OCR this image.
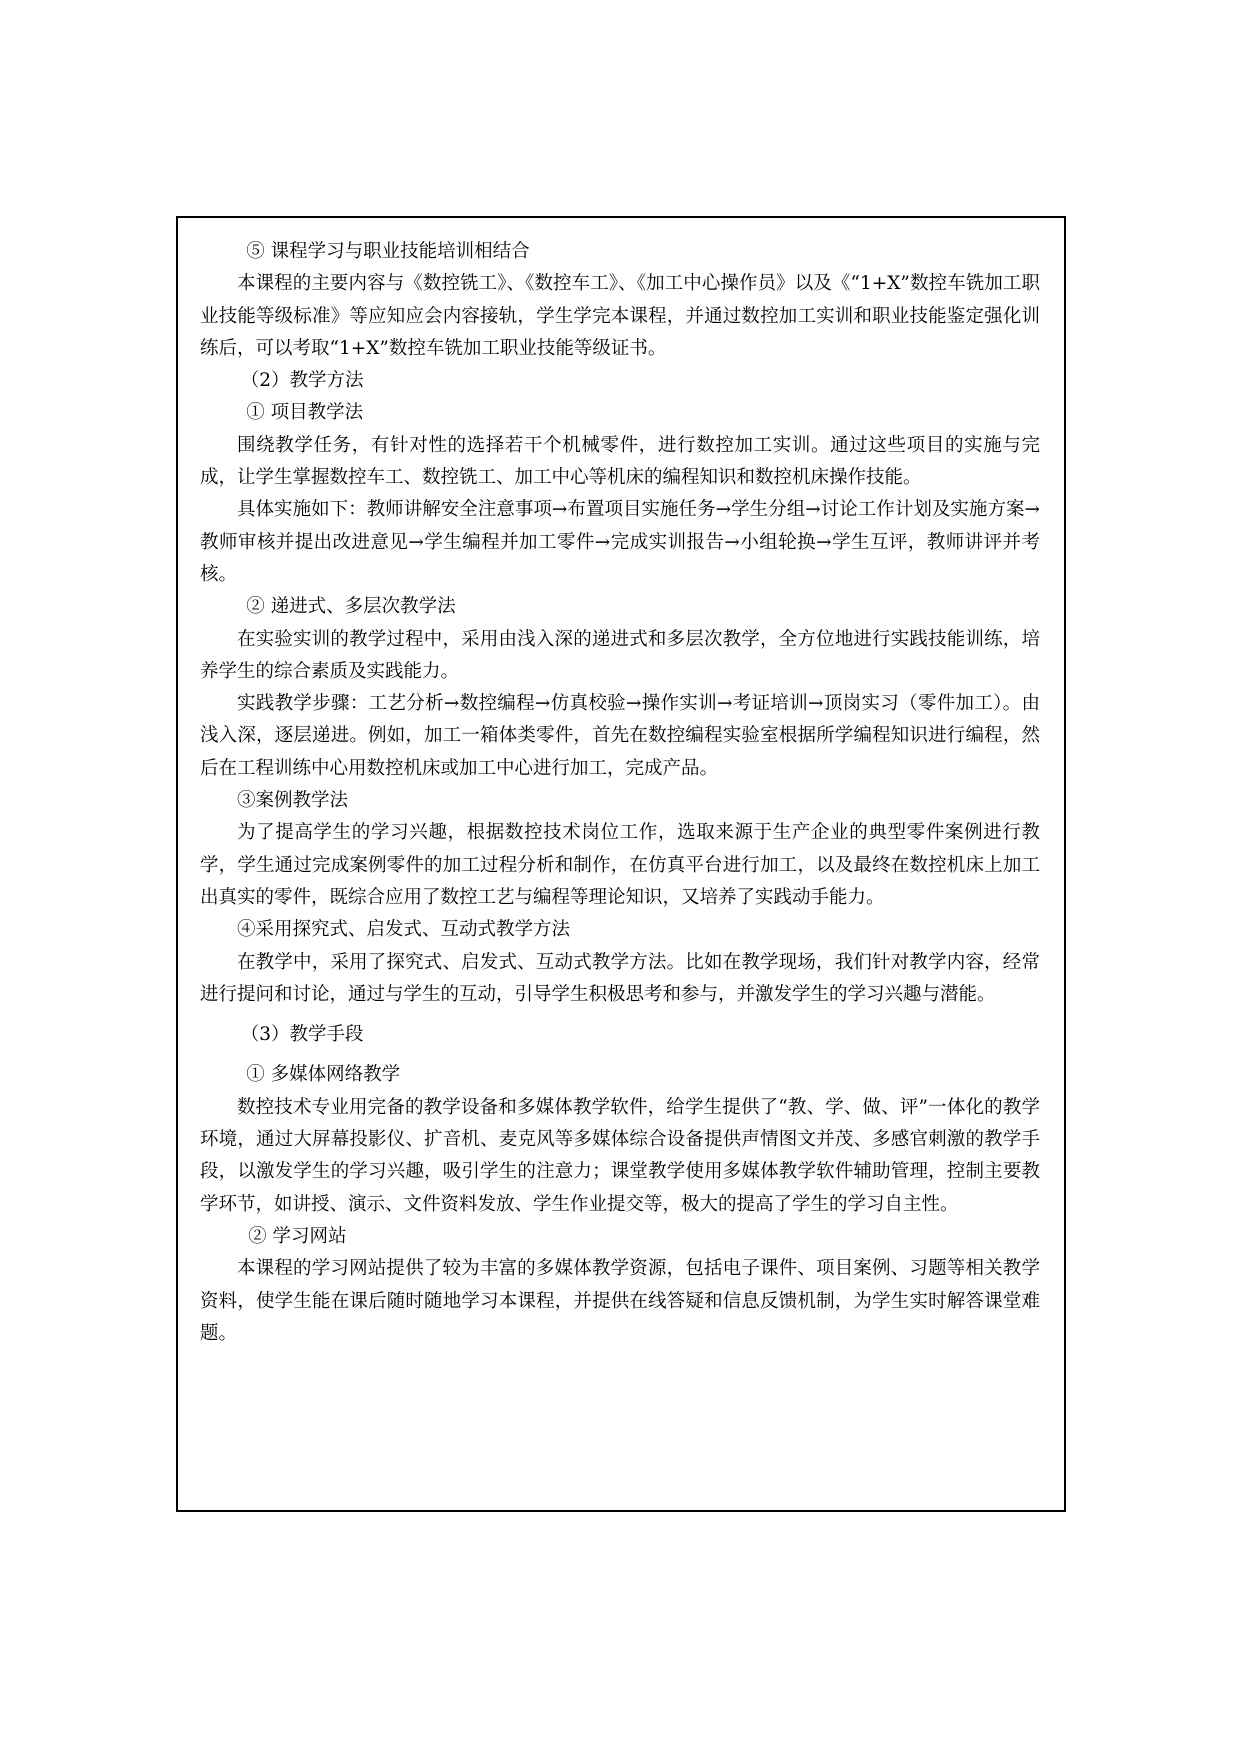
⑤ 课程学习与职业技能培训相结合

本课程的主要内容与《数控铣工》、《数控车工》、《加工中心操作员》以及《“1+X”数控车铣加工职业技能等级标准》等应知应会内容接轨，学生学完本课程，并通过数控加工实训和职业技能鉴定强化训练后，可以考取“1+X”数控车铣加工职业技能等级证书。

（2）教学方法

① 项目教学法

围绕教学任务，有针对性的选择若干个机械零件，进行数控加工实训。通过这些项目的实施与完成，让学生掌握数控车工、数控铣工、加工中心等机床的编程知识和数控机床操作技能。

具体实施如下：教师讲解安全注意事项→布置项目实施任务→学生分组→讨论工作计划及实施方案→教师审核并提出改进意见→学生编程并加工零件→完成实训报告→小组轮换→学生互评，教师讲评并考核。

② 递进式、多层次教学法

在实验实训的教学过程中，采用由浅入深的递进式和多层次教学，全方位地进行实践技能训练，培养学生的综合素质及实践能力。

实践教学步骤：工艺分析→数控编程→仿真校验→操作实训→考证培训→顶岗实习（零件加工）。由浅入深，逐层递进。例如，加工一箱体类零件，首先在数控编程实验室根据所学编程知识进行编程，然后在工程训练中心用数控机床或加工中心进行加工，完成产品。

③案例教学法

为了提高学生的学习兴趣，根据数控技术岗位工作，选取来源于生产企业的典型零件案例进行教学，学生通过完成案例零件的加工过程分析和制作，在仿真平台进行加工，以及最终在数控机床上加工出真实的零件，既综合应用了数控工艺与编程等理论知识，又培养了实践动手能力。

④采用探究式、启发式、互动式教学方法

在教学中，采用了探究式、启发式、互动式教学方法。比如在教学现场，我们针对教学内容，经常进行提问和讨论，通过与学生的互动，引导学生积极思考和参与，并激发学生的学习兴趣与潜能。

（3）教学手段

① 多媒体网络教学

数控技术专业用完备的教学设备和多媒体教学软件，给学生提供了“教、学、做、评”一体化的教学环境，通过大屏幕投影仪、扩音机、麦克风等多媒体综合设备提供声情图文并茂、多感官刺激的教学手段，以激发学生的学习兴趣，吸引学生的注意力；课堂教学使用多媒体教学软件辅助管理，控制主要教学环节，如讲授、演示、文件资料发放、学生作业提交等，极大的提高了学生的学习自主性。

② 学习网站

本课程的学习网站提供了较为丰富的多媒体教学资源，包括电子课件、项目案例、习题等相关教学资料，使学生能在课后随时随地学习本课程，并提供在线答疑和信息反馈机制，为学生实时解答课堂难题。
